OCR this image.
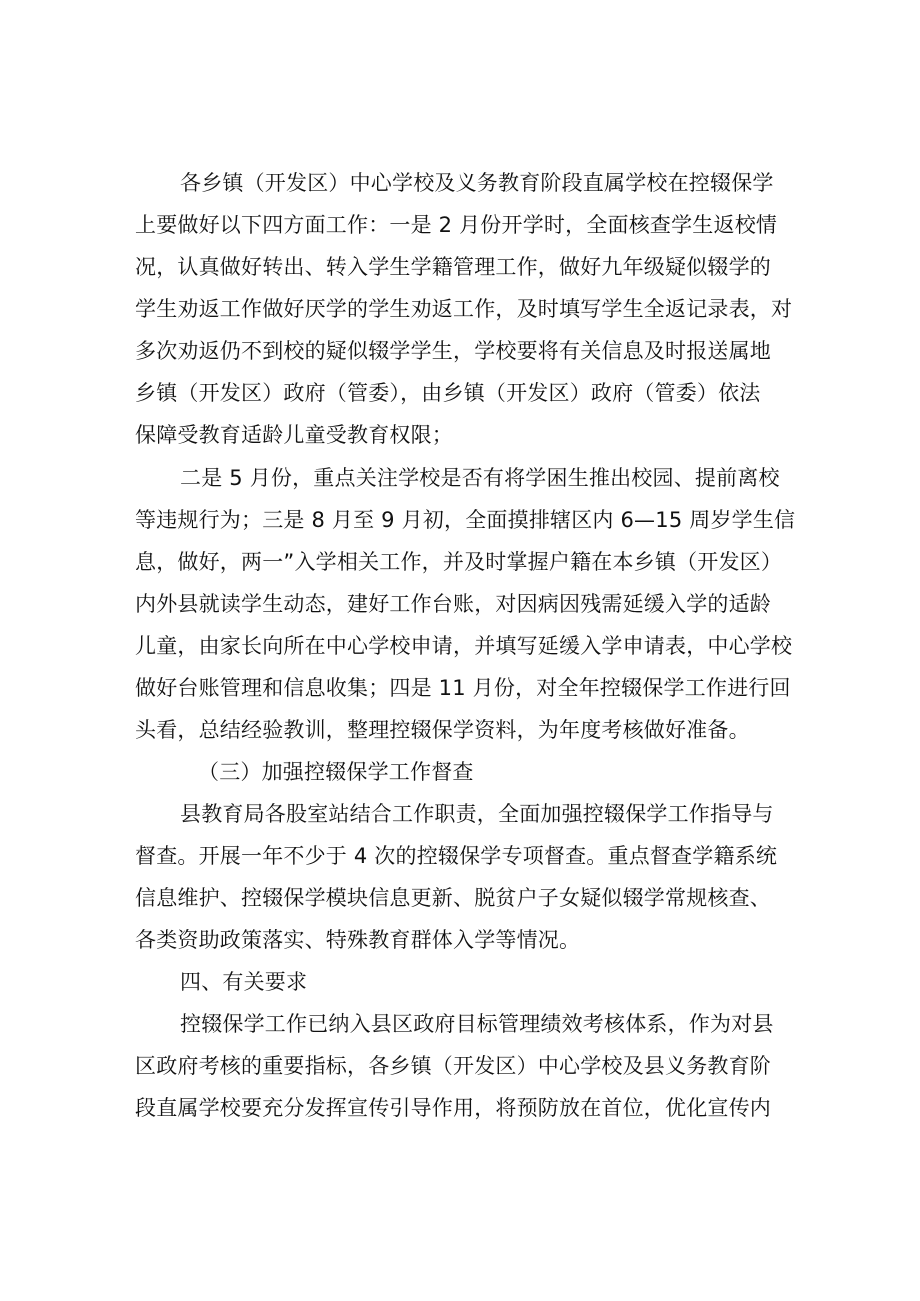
各乡镇（开发区）中心学校及义务教育阶段直属学校在控辍保学
上要做好以下四方面工作：一是 2 月份开学时，全面核查学生返校情
况，认真做好转出、转入学生学籍管理工作，做好九年级疑似辍学的
学生劝返工作做好厌学的学生劝返工作，及时填写学生全返记录表，对
多次劝返仍不到校的疑似辍学学生，学校要将有关信息及时报送属地
乡镇（开发区）政府（管委），由乡镇（开发区）政府（管委）依法
保障受教育适龄儿童受教育权限；
二是 5 月份，重点关注学校是否有将学困生推出校园、提前离校
等违规行为；三是 8 月至 9 月初，全面摸排辖区内 6—15 周岁学生信
息，做好，两一”入学相关工作，并及时掌握户籍在本乡镇（开发区）
内外县就读学生动态，建好工作台账，对因病因残需延缓入学的适龄
儿童，由家长向所在中心学校申请，并填写延缓入学申请表，中心学校
做好台账管理和信息收集；四是 11 月份，对全年控辍保学工作进行回
头看，总结经验教训，整理控辍保学资料，为年度考核做好准备。
（三）加强控辍保学工作督查
县教育局各股室站结合工作职责，全面加强控辍保学工作指导与
督查。开展一年不少于 4 次的控辍保学专项督查。重点督查学籍系统
信息维护、控辍保学模块信息更新、脱贫户子女疑似辍学常规核查、
各类资助政策落实、特殊教育群体入学等情况。
四、有关要求
控辍保学工作已纳入县区政府目标管理绩效考核体系，作为对县
区政府考核的重要指标，各乡镇（开发区）中心学校及县义务教育阶
段直属学校要充分发挥宣传引导作用，将预防放在首位，优化宣传内
